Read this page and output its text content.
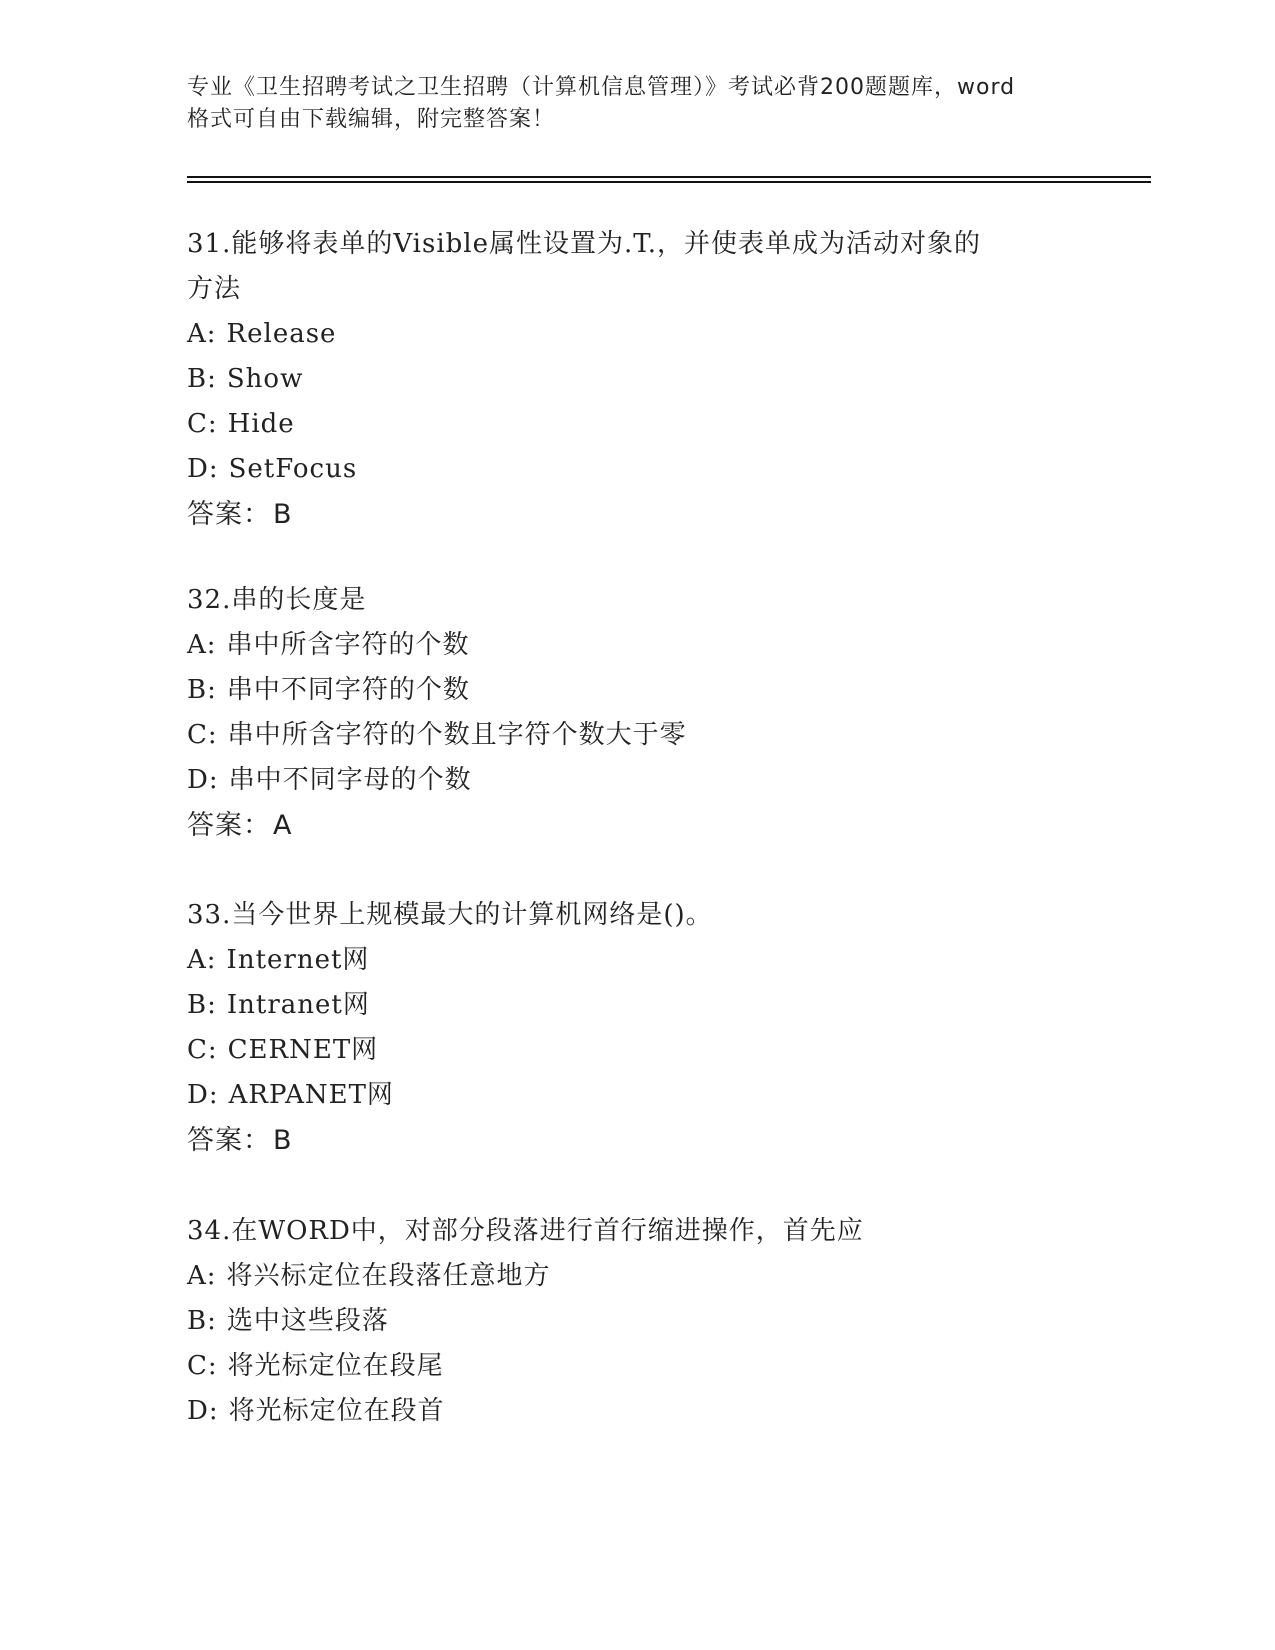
专业《卫生招聘考试之卫生招聘（计算机信息管理）》考试必背200题题库，word
格式可自由下载编辑，附完整答案！
31.能够将表单的Visible属性设置为.T.，并使表单成为活动对象的
方法
A: Release
B: Show
C: Hide
D: SetFocus
答案：B
32.串的长度是
A: 串中所含字符的个数
B: 串中不同字符的个数
C: 串中所含字符的个数且字符个数大于零
D: 串中不同字母的个数
答案：A
33.当今世界上规模最大的计算机网络是()。
A: Internet网
B: Intranet网
C: CERNET网
D: ARPANET网
答案：B
34.在WORD中，对部分段落进行首行缩进操作，首先应
A: 将兴标定位在段落任意地方
B: 选中这些段落
C: 将光标定位在段尾
D: 将光标定位在段首
